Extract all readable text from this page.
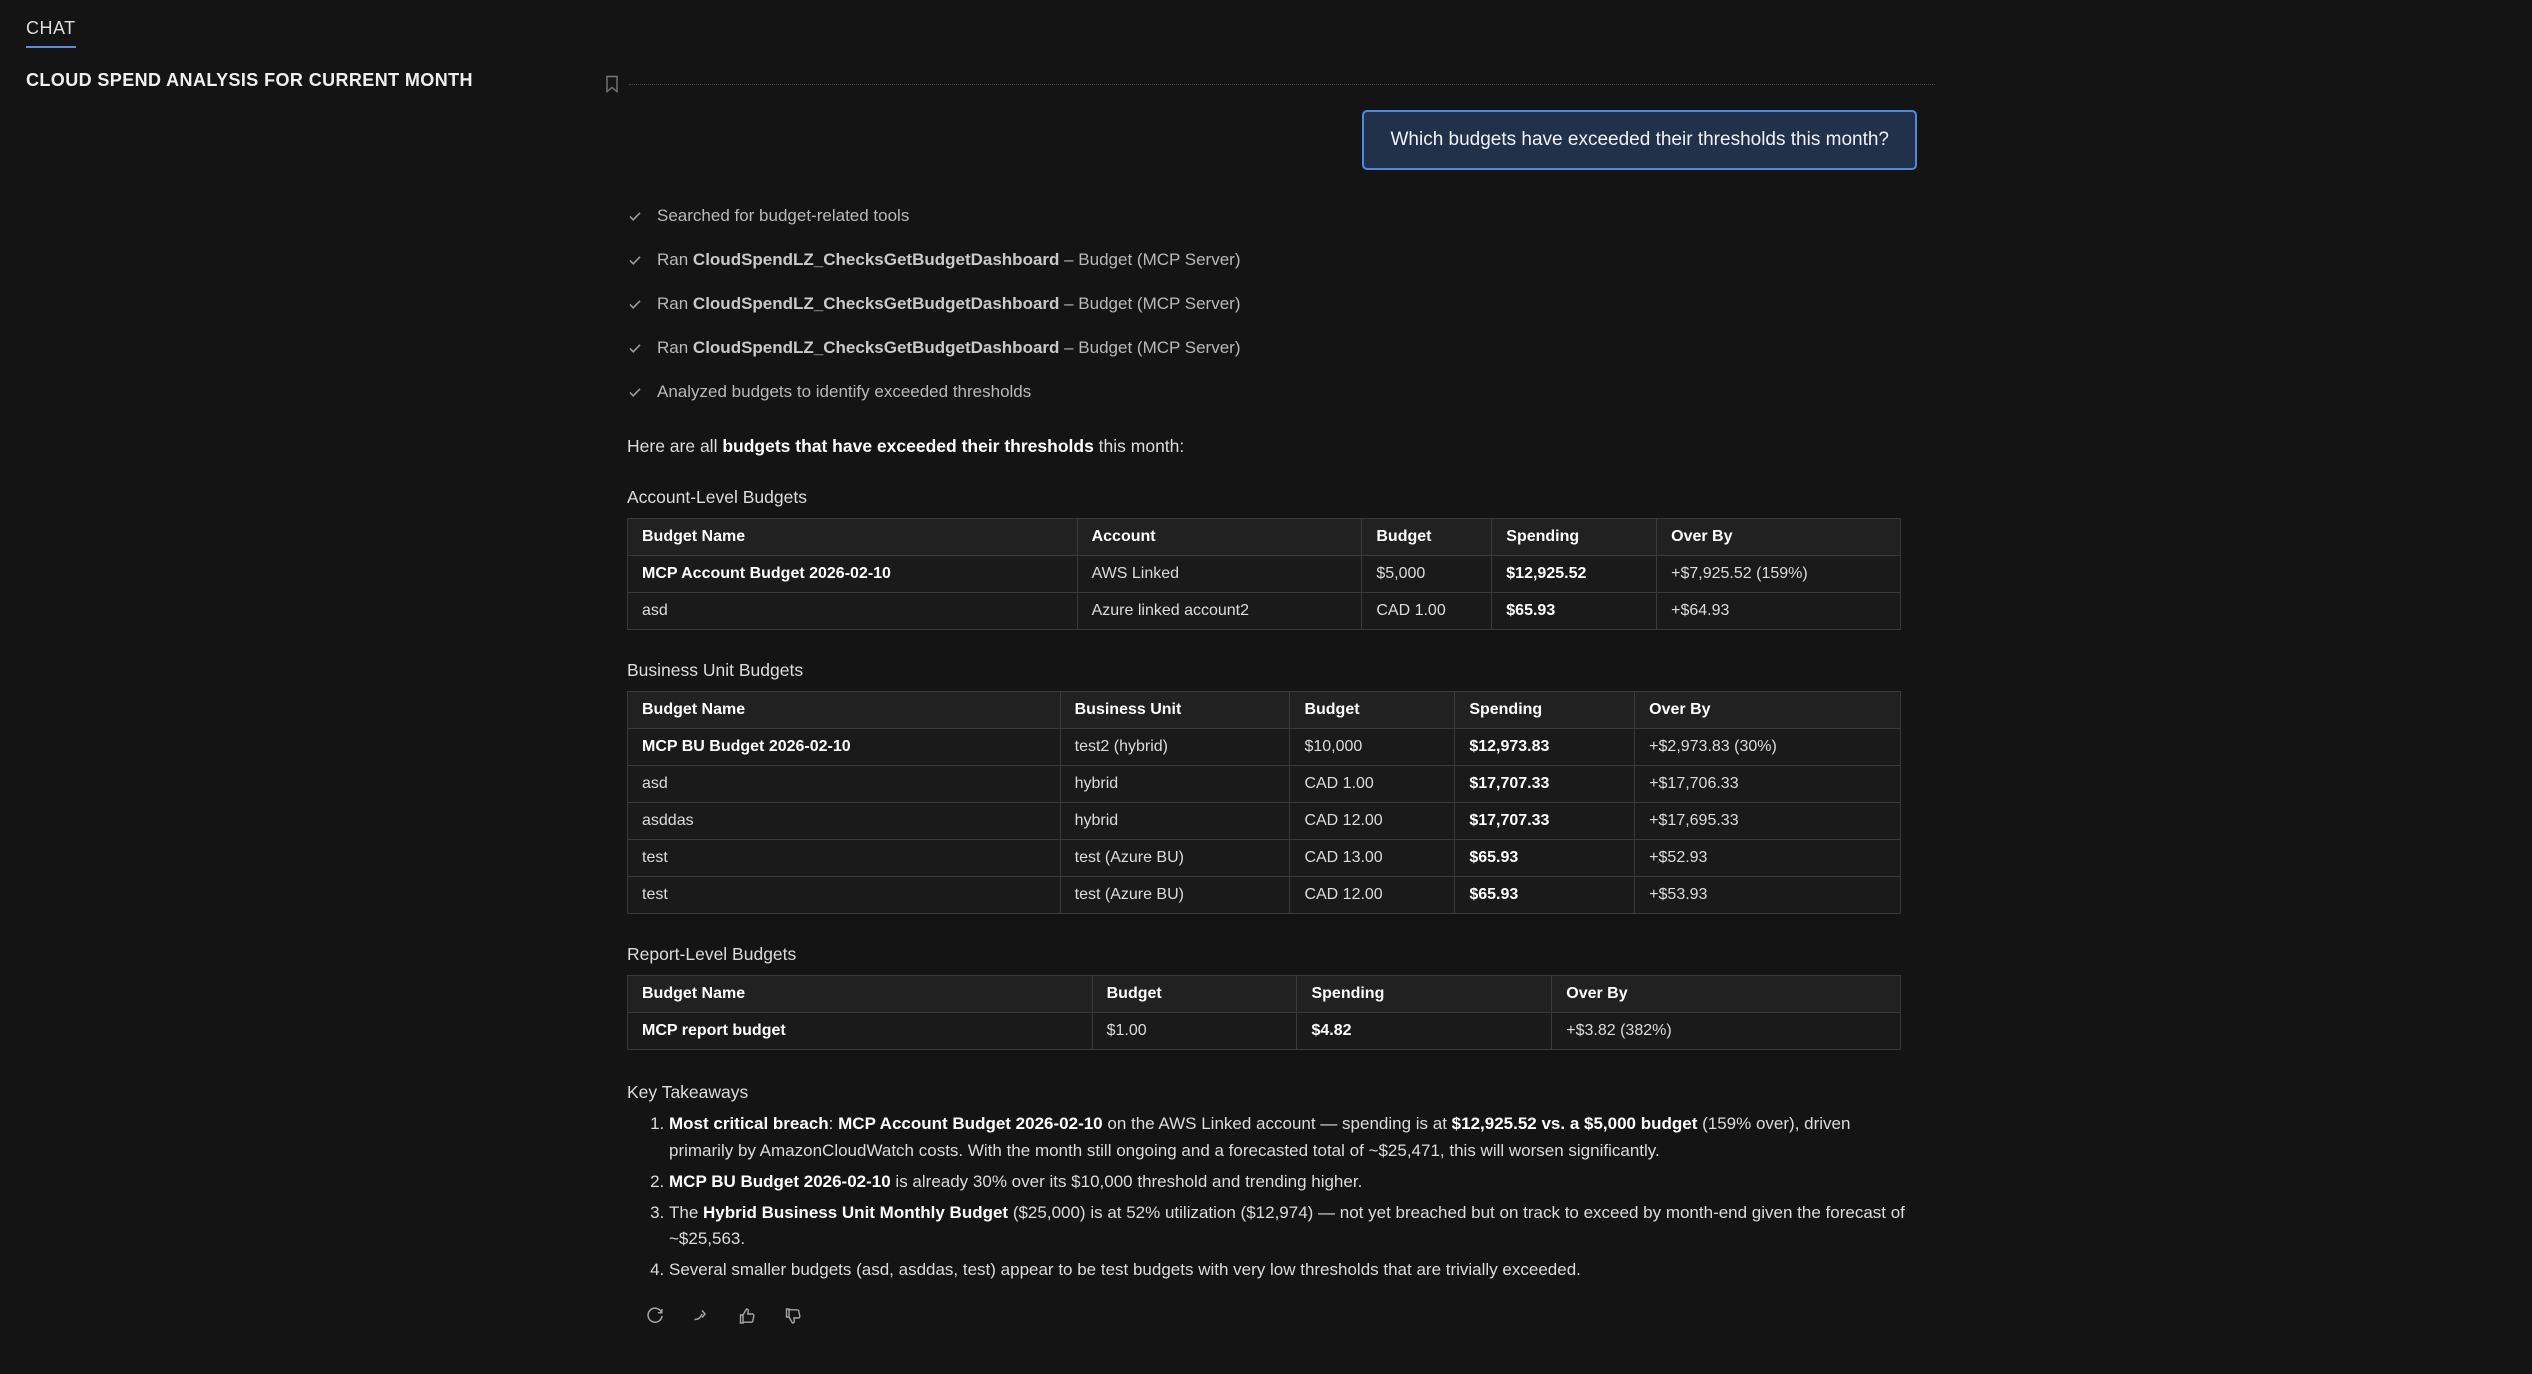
CHAT
CLOUD SPEND ANALYSIS FOR CURRENT MONTH
Which budgets have exceeded their thresholds this month?
Searched for budget-related tools
Ran CloudSpendLZ_ChecksGetBudgetDashboard – Budget (MCP Server)
Ran CloudSpendLZ_ChecksGetBudgetDashboard – Budget (MCP Server)
Ran CloudSpendLZ_ChecksGetBudgetDashboard – Budget (MCP Server)
Analyzed budgets to identify exceeded thresholds
Here are all budgets that have exceeded their thresholds this month:
Account-Level Budgets
Budget Name	Account	Budget	Spending	Over By
MCP Account Budget 2026-02-10	AWS Linked	$5,000	$12,925.52	+$7,925.52 (159%)
asd	Azure linked account2	CAD 1.00	$65.93	+$64.93
Business Unit Budgets
Budget Name	Business Unit	Budget	Spending	Over By
MCP BU Budget 2026-02-10	test2 (hybrid)	$10,000	$12,973.83	+$2,973.83 (30%)
asd	hybrid	CAD 1.00	$17,707.33	+$17,706.33
asddas	hybrid	CAD 12.00	$17,707.33	+$17,695.33
test	test (Azure BU)	CAD 13.00	$65.93	+$52.93
test	test (Azure BU)	CAD 12.00	$65.93	+$53.93
Report-Level Budgets
Budget Name	Budget	Spending	Over By
MCP report budget	$1.00	$4.82	+$3.82 (382%)
Key Takeaways
1. Most critical breach: MCP Account Budget 2026-02-10 on the AWS Linked account — spending is at $12,925.52 vs. a $5,000 budget (159% over), driven primarily by AmazonCloudWatch costs. With the month still ongoing and a forecasted total of ~$25,471, this will worsen significantly.
2. MCP BU Budget 2026-02-10 is already 30% over its $10,000 threshold and trending higher.
3. The Hybrid Business Unit Monthly Budget ($25,000) is at 52% utilization ($12,974) — not yet breached but on track to exceed by month-end given the forecast of ~$25,563.
4. Several smaller budgets (asd, asddas, test) appear to be test budgets with very low thresholds that are trivially exceeded.
